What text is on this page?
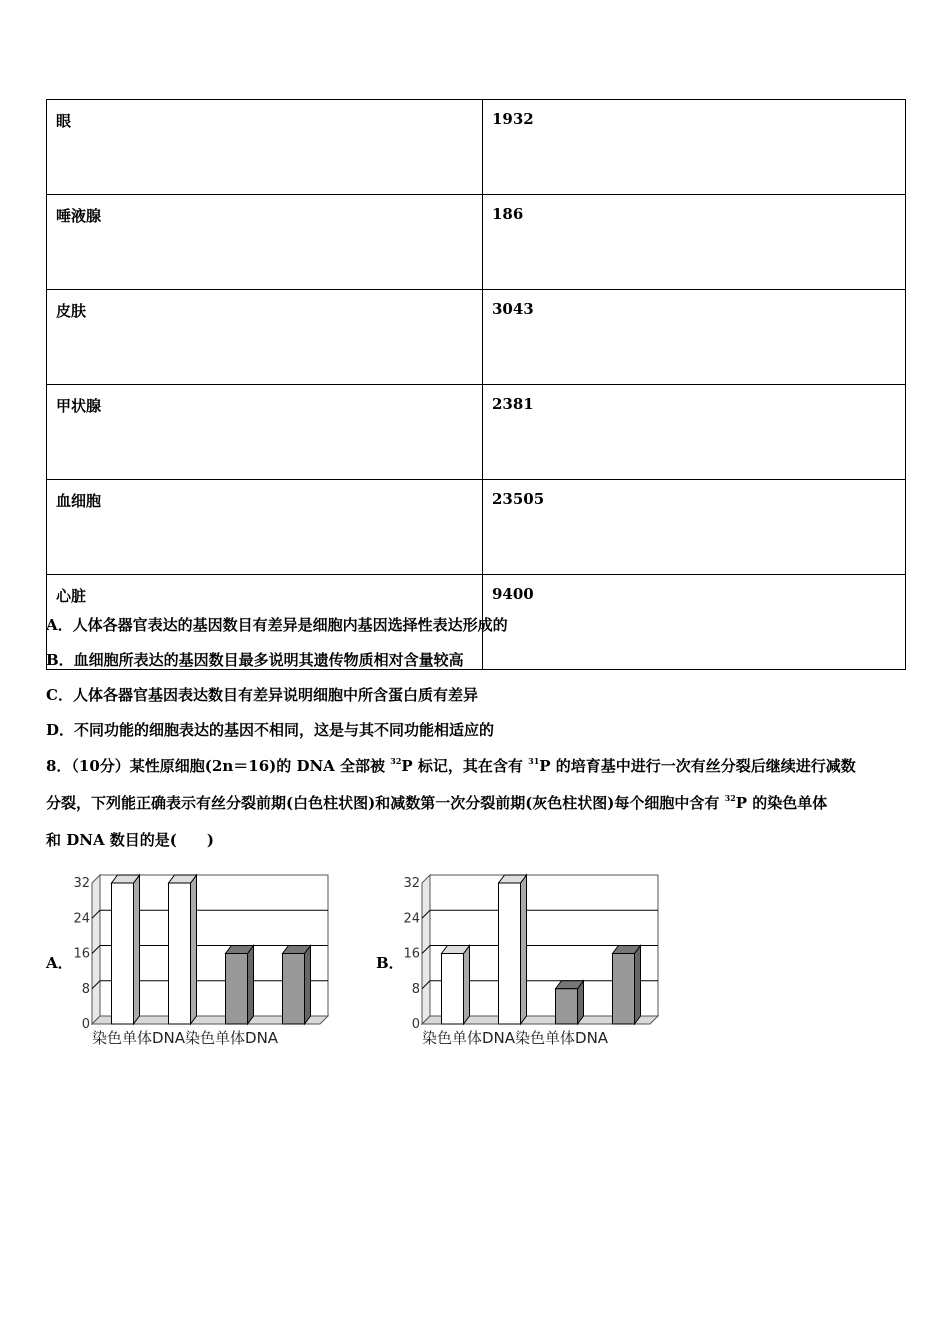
眼	1932
唾液腺	186
皮肤	3043
甲状腺	2381
血细胞	23505
心脏	9400
A．人体各器官表达的基因数目有差异是细胞内基因选择性表达形成的
B．血细胞所表达的基因数目最多说明其遗传物质相对含量较高
C．人体各器官基因表达数目有差异说明细胞中所含蛋白质有差异
D．不同功能的细胞表达的基因不相同，这是与其不同功能相适应的
8．（10分）某性原细胞(2n＝16)的 DNA 全部被 $^{32}$P 标记，其在含有 $^{31}$P 的培育基中进行一次有丝分裂后继续进行减数
分裂，下列能正确表示有丝分裂前期(白色柱状图)和减数第一次分裂前期(灰色柱状图)每个细胞中含有 $^{32}$P 的染色单体
和 DNA 数目的是(　　)
A．	B．
32
24
16
8
0
染色单体DNA染色单体DNA
32
24
16
8
0
染色单体DNA染色单体DNA
